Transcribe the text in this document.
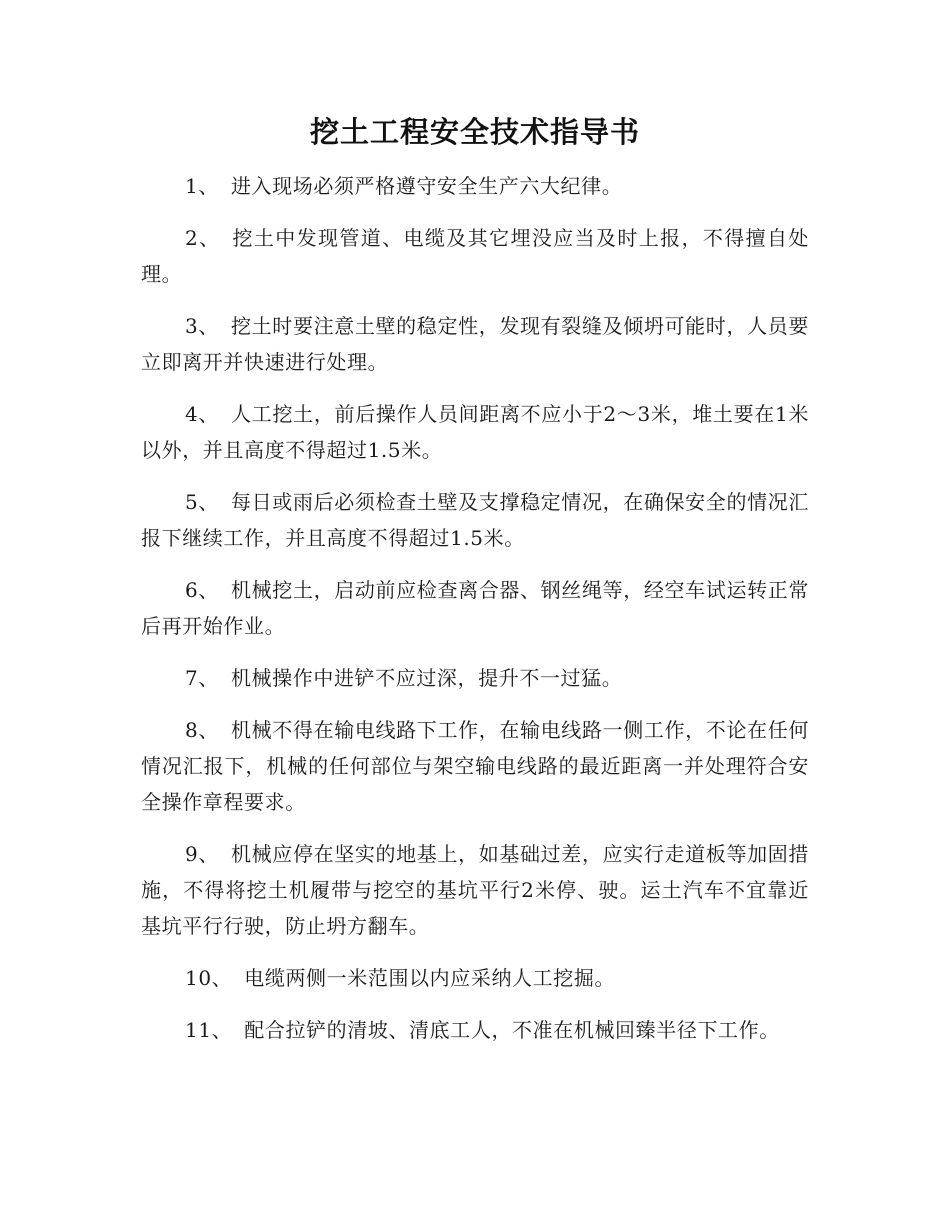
挖土工程安全技术指导书

1、 进入现场必须严格遵守安全生产六大纪律。

2、 挖土中发现管道、电缆及其它埋没应当及时上报，不得擅自处理。

3、 挖土时要注意土壁的稳定性，发现有裂缝及倾坍可能时，人员要立即离开并快速进行处理。

4、 人工挖土，前后操作人员间距离不应小于2～3米，堆土要在1米以外，并且高度不得超过1.5米。

5、 每日或雨后必须检查土壁及支撑稳定情况，在确保安全的情况汇报下继续工作，并且高度不得超过1.5米。

6、 机械挖土，启动前应检查离合器、钢丝绳等，经空车试运转正常后再开始作业。

7、 机械操作中进铲不应过深，提升不一过猛。

8、 机械不得在输电线路下工作，在输电线路一侧工作，不论在任何情况汇报下，机械的任何部位与架空输电线路的最近距离一并处理符合安全操作章程要求。

9、 机械应停在坚实的地基上，如基础过差，应实行走道板等加固措施，不得将挖土机履带与挖空的基坑平行2米停、驶。运土汽车不宜靠近基坑平行行驶，防止坍方翻车。

10、 电缆两侧一米范围以内应采纳人工挖掘。

11、 配合拉铲的清坡、清底工人，不准在机械回臻半径下工作。
